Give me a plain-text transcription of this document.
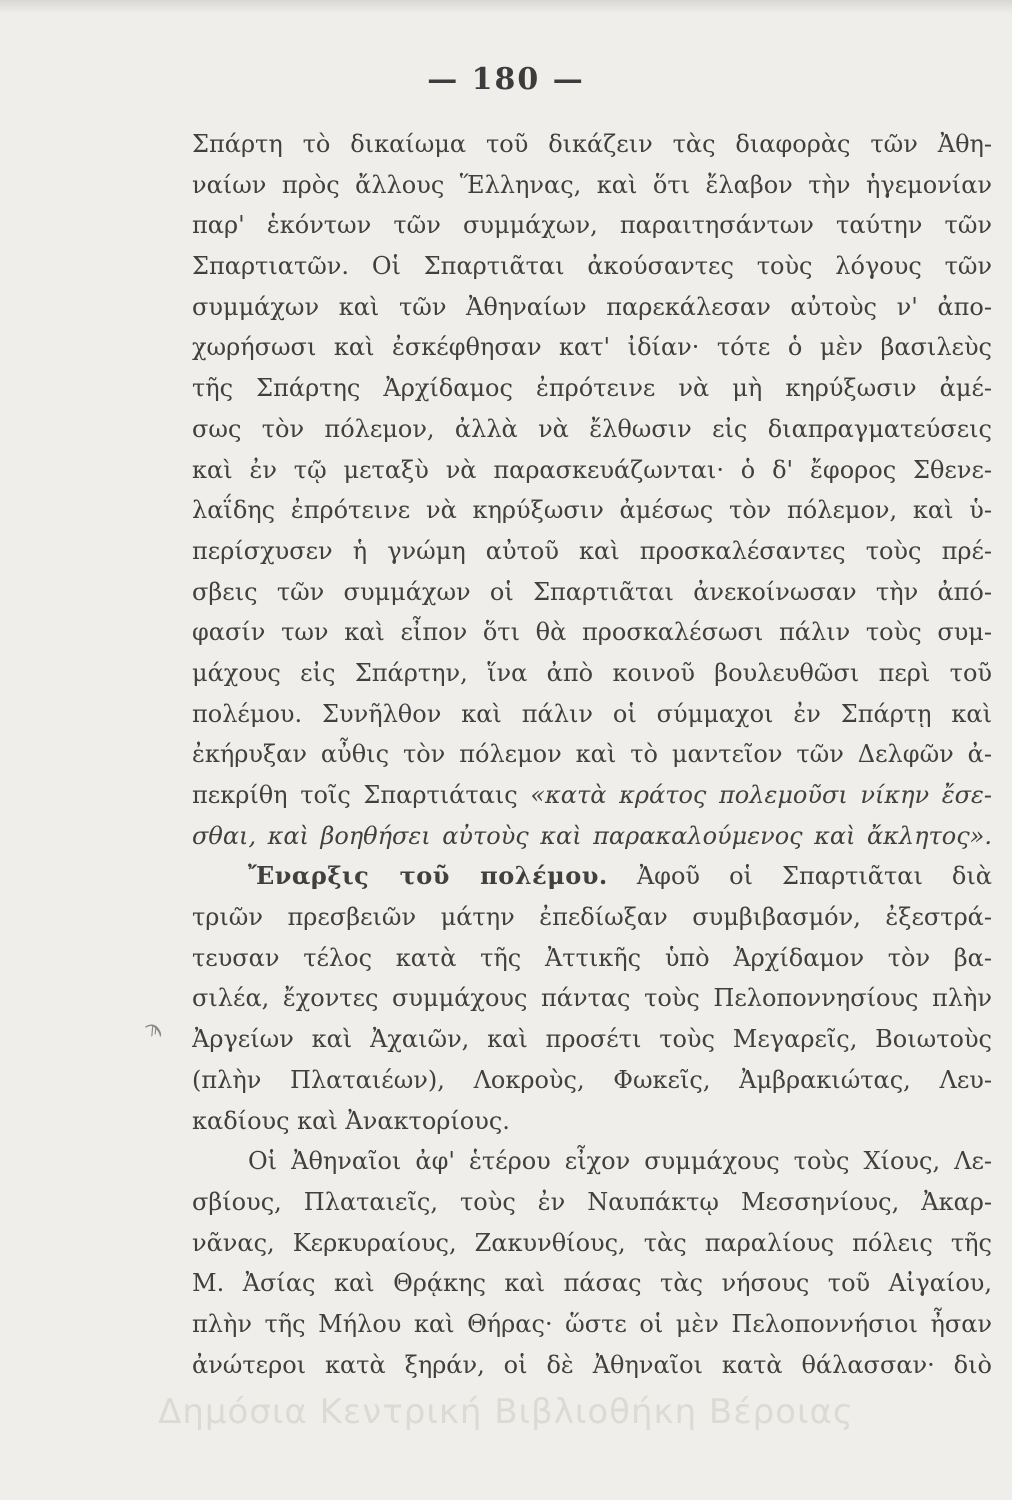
— 180 —
Σπάρτη τὸ δικαίωμα τοῦ δικάζειν τὰς διαφορὰς τῶν Ἀθη-
ναίων πρὸς ἄλλους Ἕλληνας, καὶ ὅτι ἔλαβον τὴν ἡγεμονίαν
παρ' ἑκόντων τῶν συμμάχων, παραιτησάντων ταύτην τῶν
Σπαρτιατῶν. Οἱ Σπαρτιᾶται ἀκούσαντες τοὺς λόγους τῶν
συμμάχων καὶ τῶν Ἀθηναίων παρεκάλεσαν αὐτοὺς ν' ἀπο-
χωρήσωσι καὶ ἐσκέφθησαν κατ' ἰδίαν· τότε ὁ μὲν βασιλεὺς
τῆς Σπάρτης Ἀρχίδαμος ἐπρότεινε νὰ μὴ κηρύξωσιν ἀμέ-
σως τὸν πόλεμον, ἀλλὰ νὰ ἔλθωσιν εἰς διαπραγματεύσεις
καὶ ἐν τῷ μεταξὺ νὰ παρασκευάζωνται· ὁ δ' ἔφορος Σθενε-
λαΐδης ἐπρότεινε νὰ κηρύξωσιν ἀμέσως τὸν πόλεμον, καὶ ὑ-
περίσχυσεν ἡ γνώμη αὐτοῦ καὶ προσκαλέσαντες τοὺς πρέ-
σβεις τῶν συμμάχων οἱ Σπαρτιᾶται ἀνεκοίνωσαν τὴν ἀπό-
φασίν των καὶ εἶπον ὅτι θὰ προσκαλέσωσι πάλιν τοὺς συμ-
μάχους εἰς Σπάρτην, ἵνα ἀπὸ κοινοῦ βουλευθῶσι περὶ τοῦ
πολέμου. Συνῆλθον καὶ πάλιν οἱ σύμμαχοι ἐν Σπάρτῃ καὶ
ἐκήρυξαν αὖθις τὸν πόλεμον καὶ τὸ μαντεῖον τῶν Δελφῶν ἀ-
πεκρίθη τοῖς Σπαρτιάταις «κατὰ κράτος πολεμοῦσι νίκην ἔσε-
σθαι, καὶ βοηθήσει αὐτοὺς καὶ παρακαλούμενος καὶ ἄκλητος».
Ἔναρξις τοῦ πολέμου. Ἀφοῦ οἱ Σπαρτιᾶται διὰ
τριῶν πρεσβειῶν μάτην ἐπεδίωξαν συμβιβασμόν, ἐξεστρά-
τευσαν τέλος κατὰ τῆς Ἀττικῆς ὑπὸ Ἀρχίδαμον τὸν βα-
σιλέα, ἔχοντες συμμάχους πάντας τοὺς Πελοποννησίους πλὴν
Ἀργείων καὶ Ἀχαιῶν, καὶ προσέτι τοὺς Μεγαρεῖς, Βοιωτοὺς
(πλὴν Πλαταιέων), Λοκροὺς, Φωκεῖς, Ἀμβρακιώτας, Λευ-
καδίους καὶ Ἀνακτορίους.
Οἱ Ἀθηναῖοι ἀφ' ἑτέρου εἶχον συμμάχους τοὺς Χίους, Λε-
σβίους, Πλαταιεῖς, τοὺς ἐν Ναυπάκτῳ Μεσσηνίους, Ἀκαρ-
νᾶνας, Κερκυραίους, Ζακυνθίους, τὰς παραλίους πόλεις τῆς
Μ. Ἀσίας καὶ Θρᾴκης καὶ πάσας τὰς νήσους τοῦ Αἰγαίου,
πλὴν τῆς Μήλου καὶ Θήρας· ὥστε οἱ μὲν Πελοποννήσιοι ἦσαν
ἀνώτεροι κατὰ ξηράν, οἱ δὲ Ἀθηναῖοι κατὰ θάλασσαν· διὸ
ϡ
Δημόσια Κεντρική Βιβλιοθήκη Βέροιας
